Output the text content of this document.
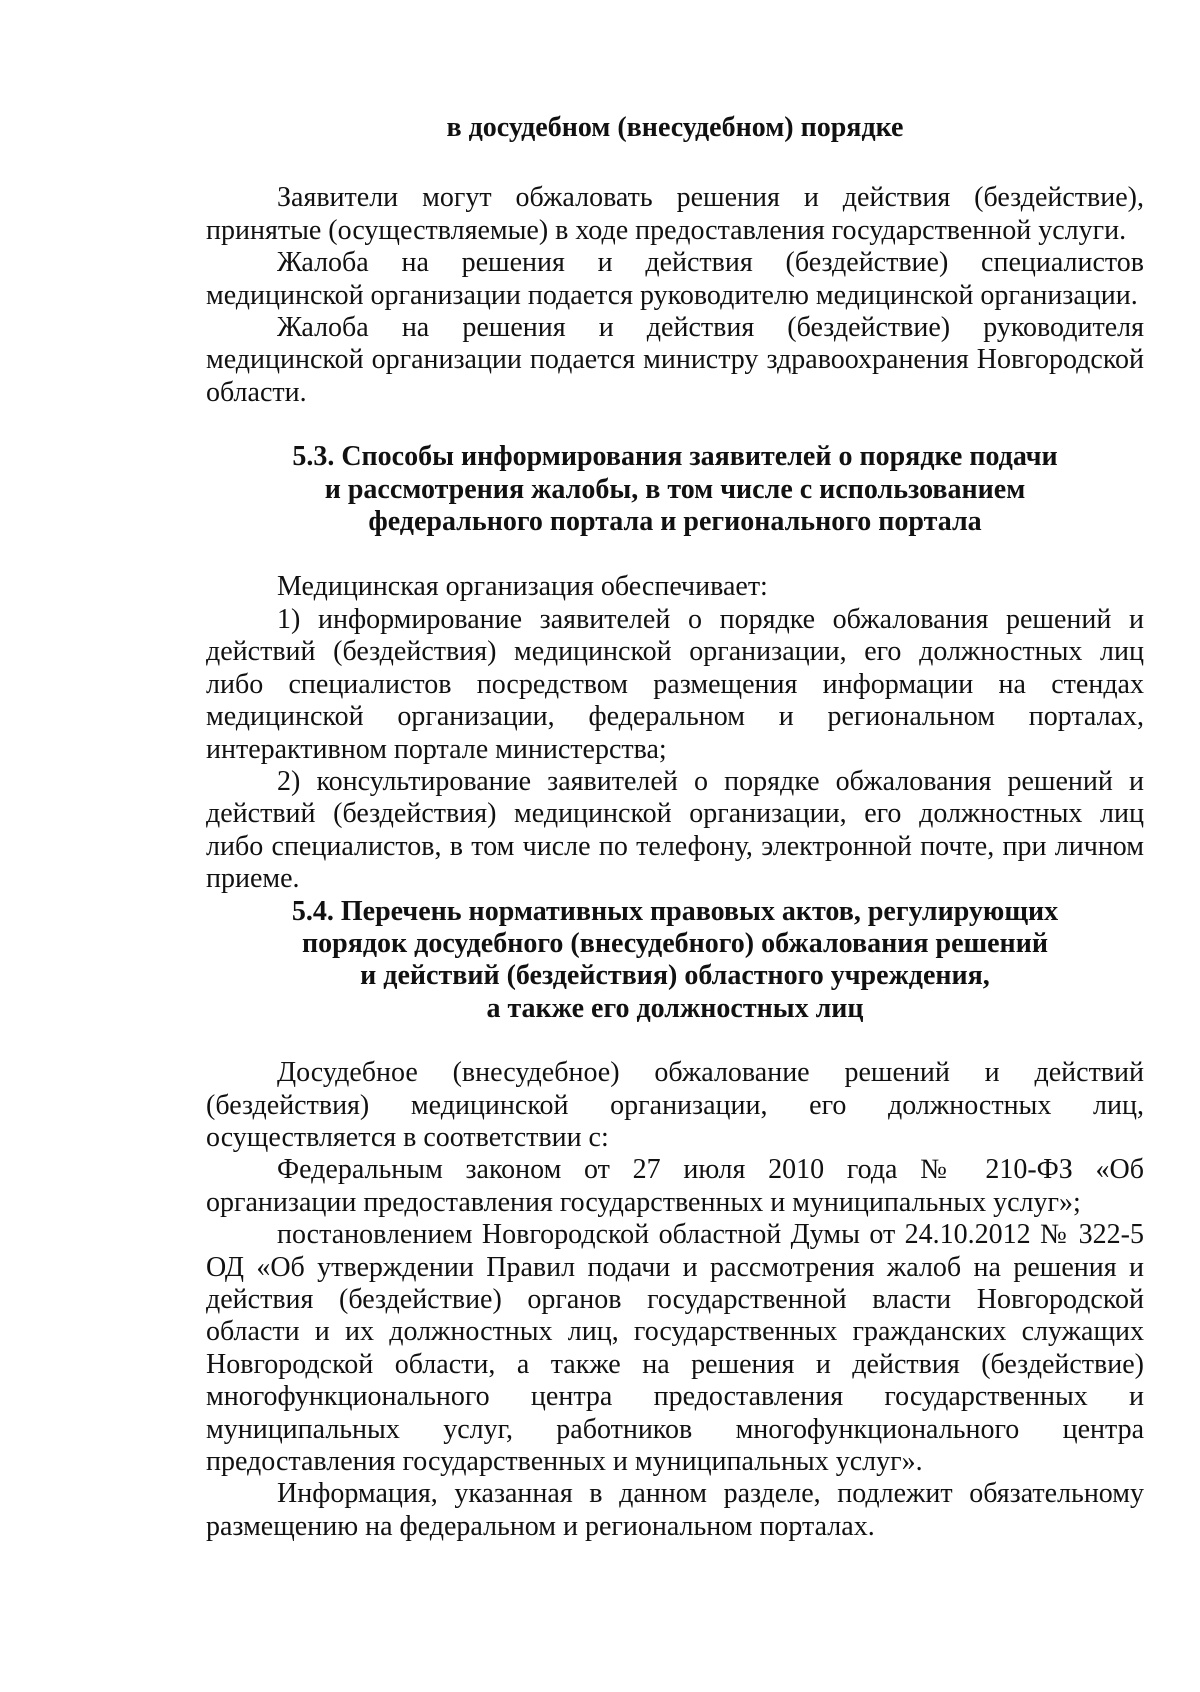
в досудебном (внесудебном) порядке

Заявители могут обжаловать решения и действия (бездействие), принятые (осуществляемые) в ходе предоставления государственной услуги.

Жалоба на решения и действия (бездействие) специалистов медицинской организации подается руководителю медицинской организации.

Жалоба на решения и действия (бездействие) руководителя медицинской организации подается министру здравоохранения Новгородской области.

5.3. Способы информирования заявителей о порядке подачи

и рассмотрения жалобы, в том числе с использованием

федерального портала и регионального портала

Медицинская организация обеспечивает:

1) информирование заявителей о порядке обжалования решений и действий (бездействия) медицинской организации, его должностных лиц либо специалистов посредством размещения информации на стендах медицинской организации, федеральном и региональном порталах, интерактивном портале министерства;

2) консультирование заявителей о порядке обжалования решений и действий (бездействия) медицинской организации, его должностных лиц либо специалистов, в том числе по телефону, электронной почте, при личном приеме.

5.4. Перечень нормативных правовых актов, регулирующих

порядок досудебного (внесудебного) обжалования решений

и действий (бездействия) областного учреждения,

а также его должностных лиц

Досудебное (внесудебное) обжалование решений и действий (бездействия) медицинской организации, его должностных лиц, осуществляется в соответствии с:

Федеральным законом от 27 июля 2010 года № 210-ФЗ «Об организации предоставления государственных и муниципальных услуг»;

постановлением Новгородской областной Думы от 24.10.2012 № 322-5 ОД «Об утверждении Правил подачи и рассмотрения жалоб на решения и действия (бездействие) органов государственной власти Новгородской области и их должностных лиц, государственных гражданских служащих Новгородской области, а также на решения и действия (бездействие) многофункционального центра предоставления государственных и муниципальных услуг, работников многофункционального центра предоставления государственных и муниципальных услуг».

Информация, указанная в данном разделе, подлежит обязательному размещению на федеральном и региональном порталах.
